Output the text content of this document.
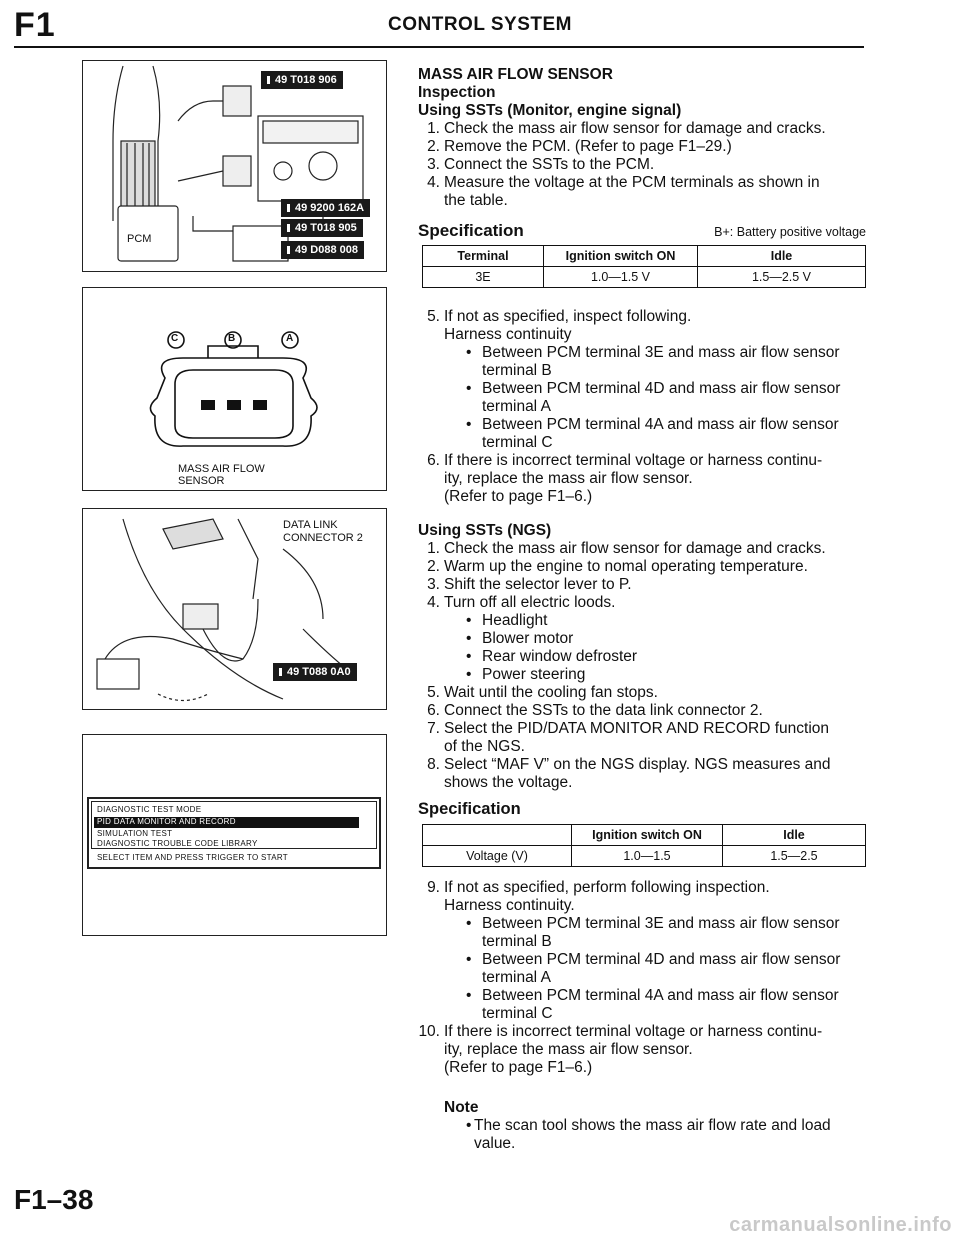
F1	CONTROL SYSTEM
PCM
49 T018 906
49 9200 162A
49 T018 905
49 D088 008
C	B	A
MASS AIR FLOW
SENSOR
DATA LINK
CONNECTOR 2
49 T088 0A0
DIAGNOSTIC TEST MODE
PID DATA MONITOR AND RECORD
SIMULATION TEST
DIAGNOSTIC TROUBLE CODE LIBRARY
SELECT ITEM AND PRESS TRIGGER TO START
MASS AIR FLOW SENSOR
Inspection
Using SSTs (Monitor, engine signal)
1. Check the mass air flow sensor for damage and cracks.
2. Remove the PCM. (Refer to page F1–29.)
3. Connect the SSTs to the PCM.
4. Measure the voltage at the PCM terminals as shown in
the table.
Specification	B+: Battery positive voltage
Terminal	Ignition switch ON	Idle
3E	1.0—1.5 V	1.5—2.5 V
5. If not as specified, inspect following.
Harness continuity
• Between PCM terminal 3E and mass air flow sensor
terminal B
• Between PCM terminal 4D and mass air flow sensor
terminal A
• Between PCM terminal 4A and mass air flow sensor
terminal C
6. If there is incorrect terminal voltage or harness continu-
ity, replace the mass air flow sensor.
(Refer to page F1–6.)
Using SSTs (NGS)
1. Check the mass air flow sensor for damage and cracks.
2. Warm up the engine to nomal operating temperature.
3. Shift the selector lever to P.
4. Turn off all electric loods.
• Headlight
• Blower motor
• Rear window defroster
• Power steering
5. Wait until the cooling fan stops.
6. Connect the SSTs to the data link connector 2.
7. Select the PID/DATA MONITOR AND RECORD function
of the NGS.
8. Select “MAF V” on the NGS display. NGS measures and
shows the voltage.
Specification
	Ignition switch ON	Idle
Voltage (V)	1.0—1.5	1.5—2.5
9. If not as specified, perform following inspection.
Harness continuity.
• Between PCM terminal 3E and mass air flow sensor
terminal B
• Between PCM terminal 4D and mass air flow sensor
terminal A
• Between PCM terminal 4A and mass air flow sensor
terminal C
10. If there is incorrect terminal voltage or harness continu-
ity, replace the mass air flow sensor.
(Refer to page F1–6.)
Note
• The scan tool shows the mass air flow rate and load
value.
F1–38
carmanualsonline.info
